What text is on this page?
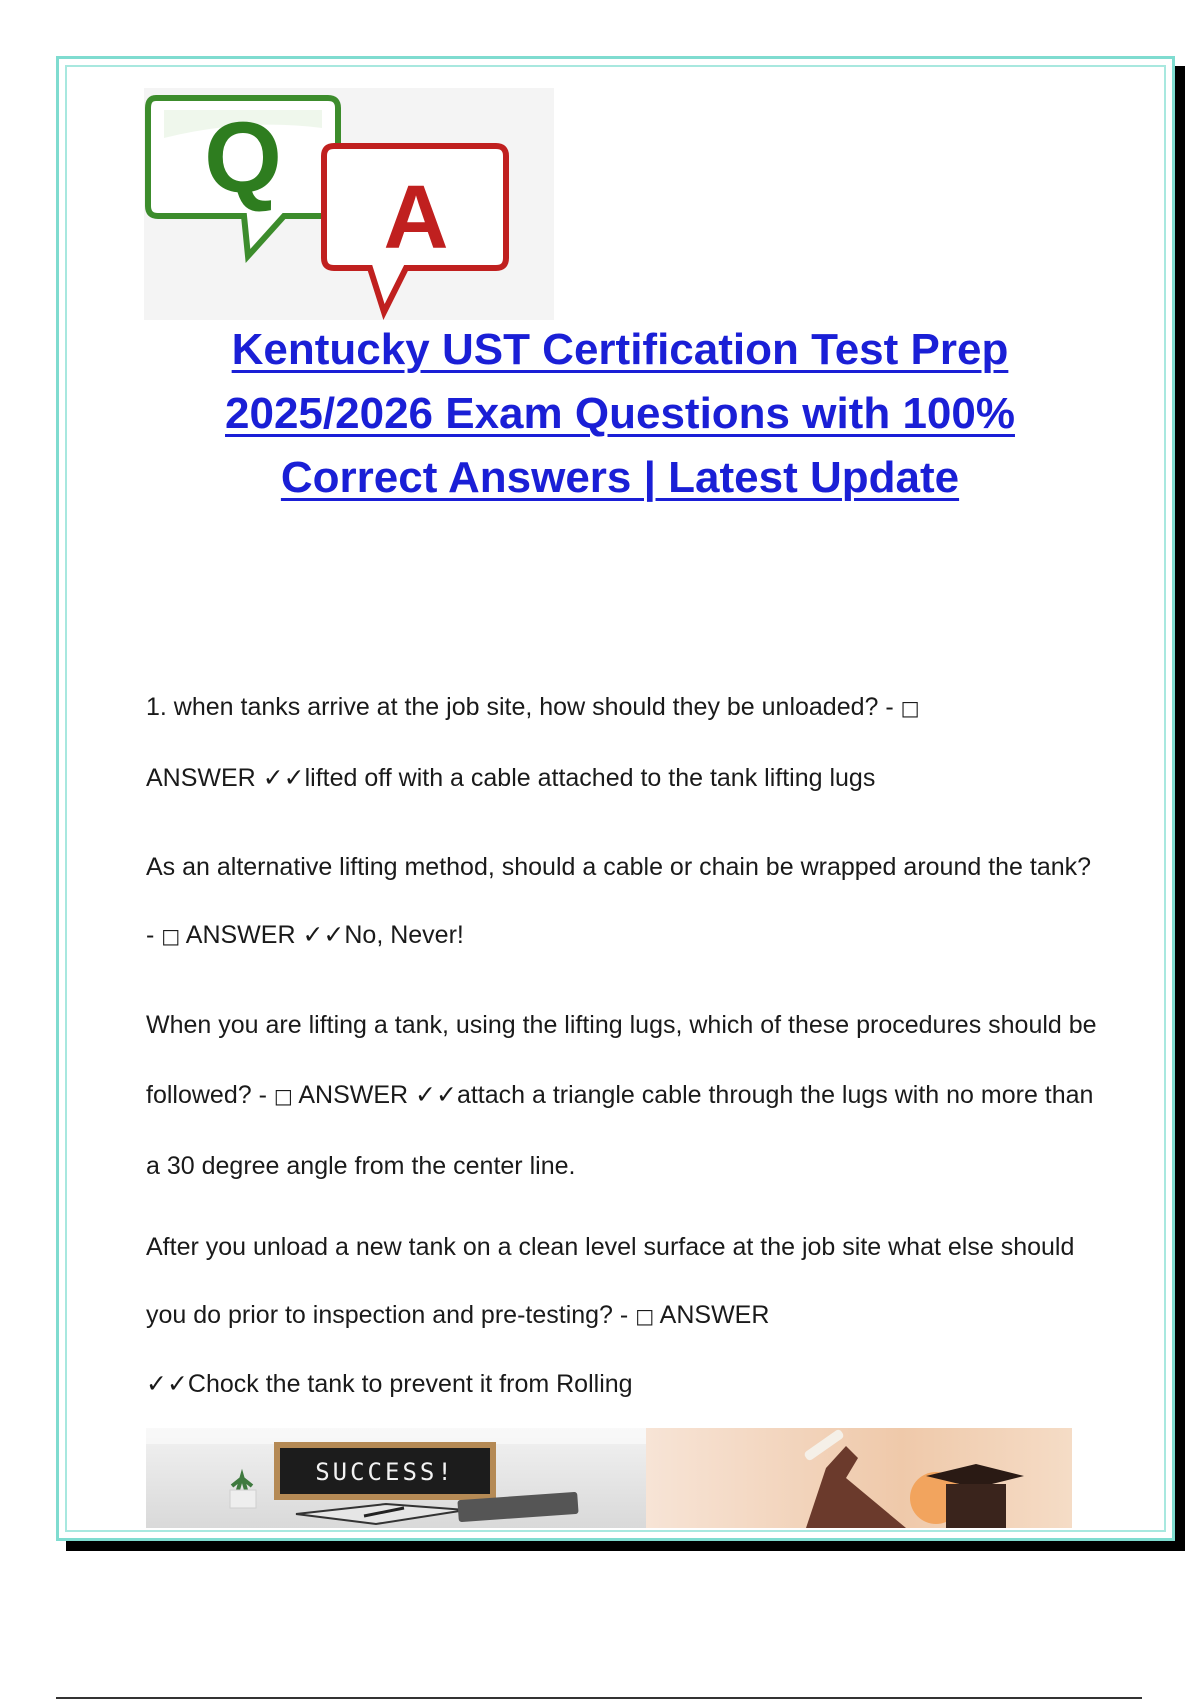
Q
A
Kentucky UST Certification Test Prep
2025/2026 Exam Questions with 100%
Correct Answers | Latest Update

1. when tanks arrive at the job site, how should they be unloaded? - □
ANSWER ✓✓lifted off with a cable attached to the tank lifting lugs

As an alternative lifting method, should a cable or chain be wrapped around the tank? - □ ANSWER ✓✓No, Never!

When you are lifting a tank, using the lifting lugs, which of these procedures should be followed? - □ ANSWER ✓✓attach a triangle cable through the lugs with no more than a 30 degree angle from the center line.

After you unload a new tank on a clean level surface at the job site what else should you do prior to inspection and pre-testing? - □ ANSWER
✓✓Chock the tank to prevent it from Rolling

SUCCESS!
